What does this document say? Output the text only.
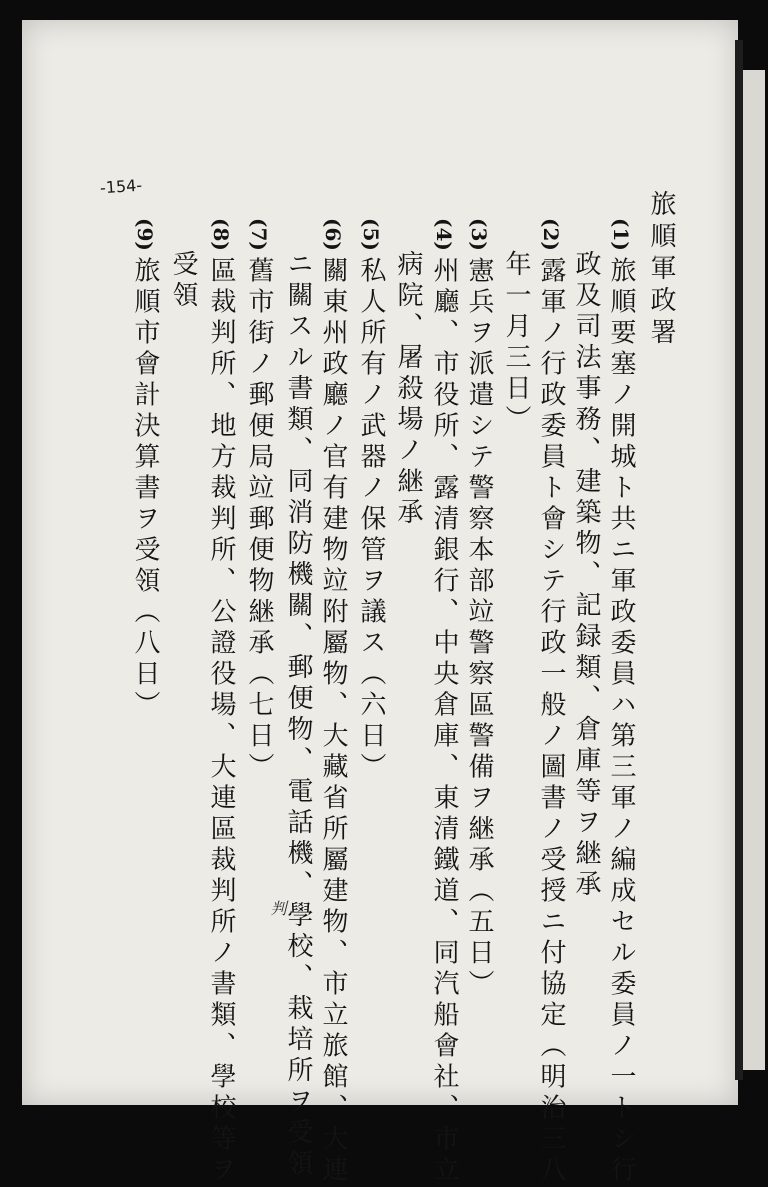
-154-
旅順軍政署
(1)旅順要塞ノ開城ト共ニ軍政委員ハ第三軍ノ編成セル委員ノ一トシ行
政及司法事務、建築物、記録類、倉庫等ヲ継承
(2)露軍ノ行政委員ト會シテ行政一般ノ圖書ノ受授ニ付協定（明治三八
年一月三日）
(3)憲兵ヲ派遣シテ警察本部竝警察區警備ヲ継承（五日）
(4)州廳、市役所、露清銀行、中央倉庫、東清鐵道、同汽船會社、市立
病院、屠殺場ノ継承
(5)私人所有ノ武器ノ保管ヲ議ス（六日）
(6)關東州政廳ノ官有建物竝附屬物、大藏省所屬建物、市立旅館、大連
ニ關スル書類、同消防機關、郵便物、電話機、學校、栽培所ヲ受領
(7)舊市街ノ郵便局竝郵便物継承（七日）
(8)區裁判所、地方裁判所、公證役場、大連區裁判所ノ書類、學校等ヲ
受領
(9)旅順市會計決算書ヲ受領（八日）
判
